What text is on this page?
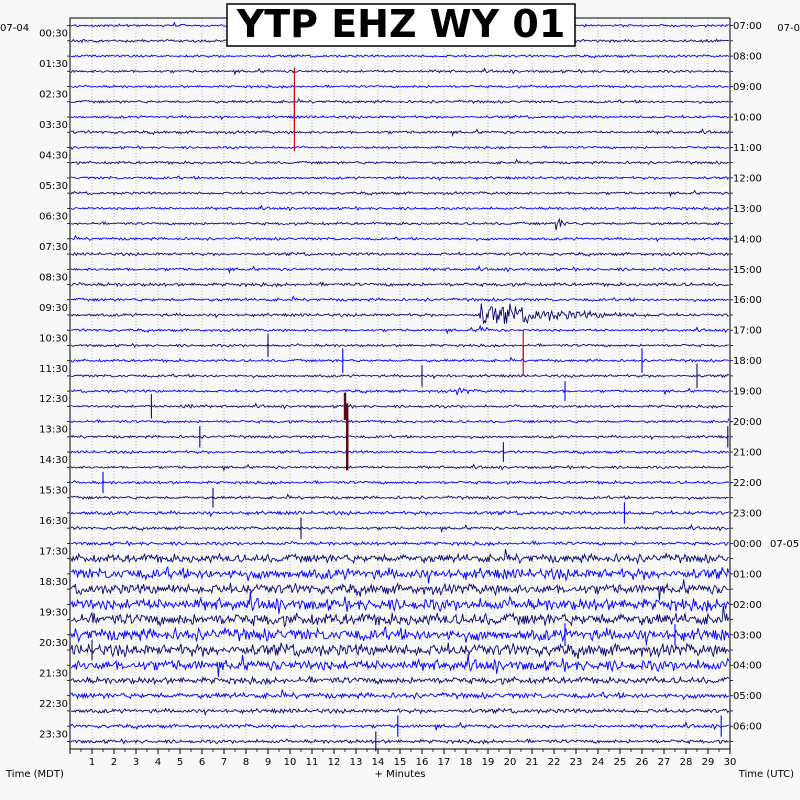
1 2 3 4 5 6 7 8 9 10 11 12 13 14 15 16 17 18 19 20 21 22 23 24 25 26 27 28 29 30
00:30
01:30
02:30
03:30
04:30
05:30
06:30
07:30
08:30
09:30
10:30
11:30
12:30
13:30
14:30
15:30
16:30
17:30
18:30
19:30
20:30
21:30
22:30
23:30
07:00
08:00
09:00
10:00
11:00
12:00
13:00
14:00
15:00
16:00
17:00
18:00
19:00
20:00
21:00
22:00
23:00
00:00 07-05
01:00
02:00
03:00
04:00
05:00
06:00
YTP EHZ WY 01
07-04	07-0
Time (MDT)	+ Minutes	Time (UTC)
